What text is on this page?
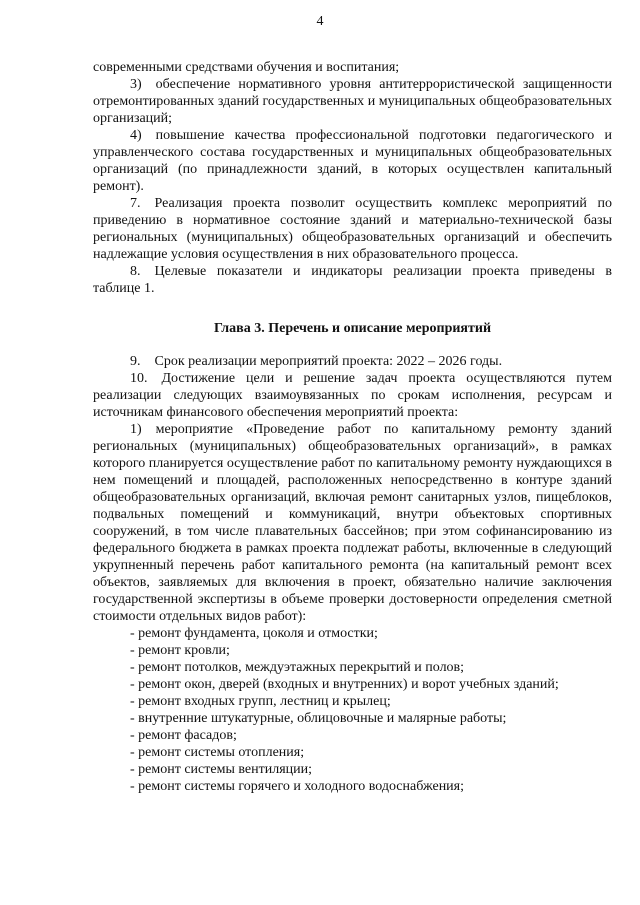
4

современными средствами обучения и воспитания;

3) обеспечение нормативного уровня антитеррористической защищенности отремонтированных зданий государственных и муниципальных общеобразовательных организаций;

4) повышение качества профессиональной подготовки педагогического и управленческого состава государственных и муниципальных общеобразовательных организаций (по принадлежности зданий, в которых осуществлен капитальный ремонт).

7. Реализация проекта позволит осуществить комплекс мероприятий по приведению в нормативное состояние зданий и материально-технической базы региональных (муниципальных) общеобразовательных организаций и обеспечить надлежащие условия осуществления в них образовательного процесса.

8. Целевые показатели и индикаторы реализации проекта приведены в таблице 1.

Глава 3. Перечень и описание мероприятий

9. Срок реализации мероприятий проекта: 2022 – 2026 годы.

10. Достижение цели и решение задач проекта осуществляются путем реализации следующих взаимоувязанных по срокам исполнения, ресурсам и источникам финансового обеспечения мероприятий проекта:

1) мероприятие «Проведение работ по капитальному ремонту зданий региональных (муниципальных) общеобразовательных организаций», в рамках которого планируется осуществление работ по капитальному ремонту нуждающихся в нем помещений и площадей, расположенных непосредственно в контуре зданий общеобразовательных организаций, включая ремонт санитарных узлов, пищеблоков, подвальных помещений и коммуникаций, внутри объектовых спортивных сооружений, в том числе плавательных бассейнов; при этом софинансированию из федерального бюджета в рамках проекта подлежат работы, включенные в следующий укрупненный перечень работ капитального ремонта (на капитальный ремонт всех объектов, заявляемых для включения в проект, обязательно наличие заключения государственной экспертизы в объеме проверки достоверности определения сметной стоимости отдельных видов работ):

- ремонт фундамента, цоколя и отмостки;
- ремонт кровли;
- ремонт потолков, междуэтажных перекрытий и полов;
- ремонт окон, дверей (входных и внутренних) и ворот учебных зданий;
- ремонт входных групп, лестниц и крылец;
- внутренние штукатурные, облицовочные и малярные работы;
- ремонт фасадов;
- ремонт системы отопления;
- ремонт системы вентиляции;
- ремонт системы горячего и холодного водоснабжения;
